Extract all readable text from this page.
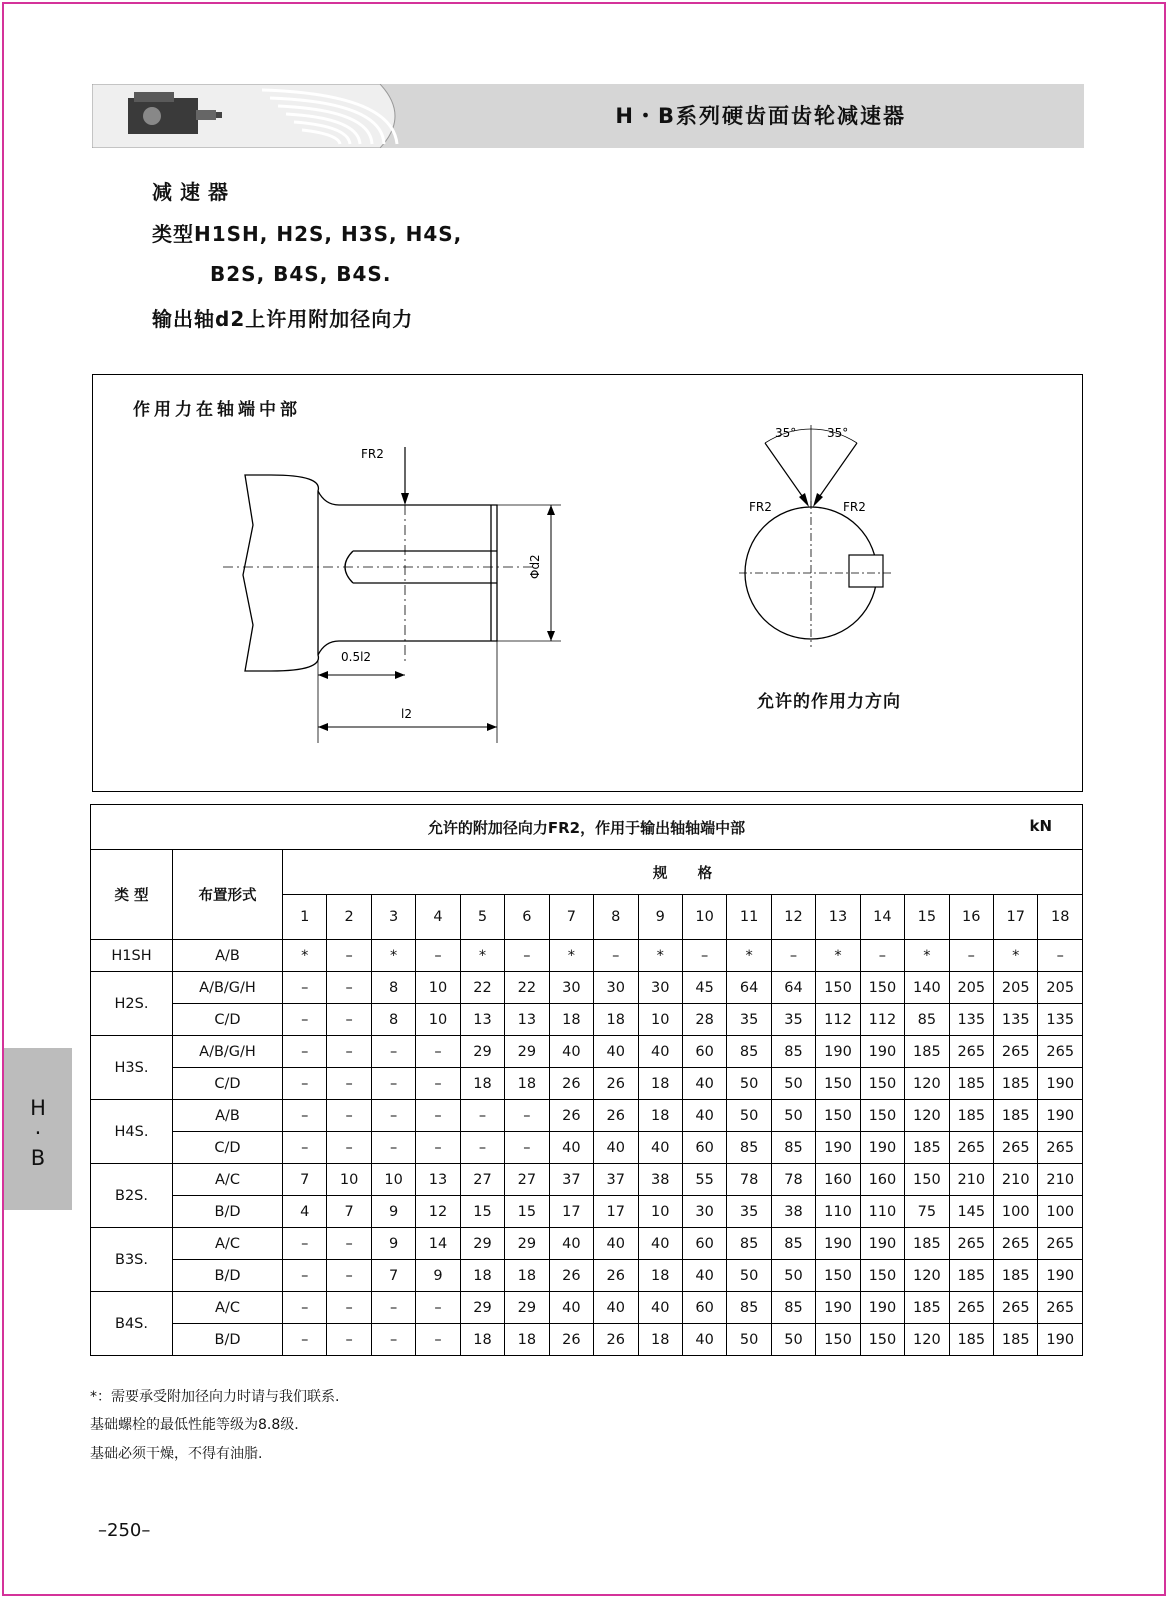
H・B系列硬齿面齿轮减速器
减速器
类型H1SH, H2S, H3S, H4S,
B2S, B4S, B4S.
输出轴d2上许用附加径向力
作用力在轴端中部
FR2
Φd2
0.5l2
l2
35°	35°
FR2	FR2
允许的作用力方向
允许的附加径向力FR2，作用于输出轴轴端中部 kN																			

类 型	布置形式	规      格																	
		1	2	3	4	5	6	7	8	9	10	11	12	13	14	15	16	17	18
H1SH	A/B	*	–	*	–	*	–	*	–	*	–	*	–	*	–	*	–	*	–
H2S.	A/B/G/H	–	–	8	10	22	22	30	30	30	45	64	64	150	150	140	205	205	205
	C/D	–	–	8	10	13	13	18	18	10	28	35	35	112	112	85	135	135	135
H3S.	A/B/G/H	–	–	–	–	29	29	40	40	40	60	85	85	190	190	185	265	265	265
	C/D	–	–	–	–	18	18	26	26	18	40	50	50	150	150	120	185	185	190
H4S.	A/B	–	–	–	–	–	–	26	26	18	40	50	50	150	150	120	185	185	190
	C/D	–	–	–	–	–	–	40	40	40	60	85	85	190	190	185	265	265	265
B2S.	A/C	7	10	10	13	27	27	37	37	38	55	78	78	160	160	150	210	210	210
	B/D	4	7	9	12	15	15	17	17	10	30	35	38	110	110	75	145	100	100
B3S.	A/C	–	–	9	14	29	29	40	40	40	60	85	85	190	190	185	265	265	265
	B/D	–	–	7	9	18	18	26	26	18	40	50	50	150	150	120	185	185	190
B4S.	A/C	–	–	–	–	29	29	40	40	40	60	85	85	190	190	185	265	265	265
	B/D	–	–	–	–	18	18	26	26	18	40	50	50	150	150	120	185	185	190
*：需要承受附加径向力时请与我们联系.
基础螺栓的最低性能等级为8.8级.
基础必须干燥，不得有油脂.
H
·
B
–250–
